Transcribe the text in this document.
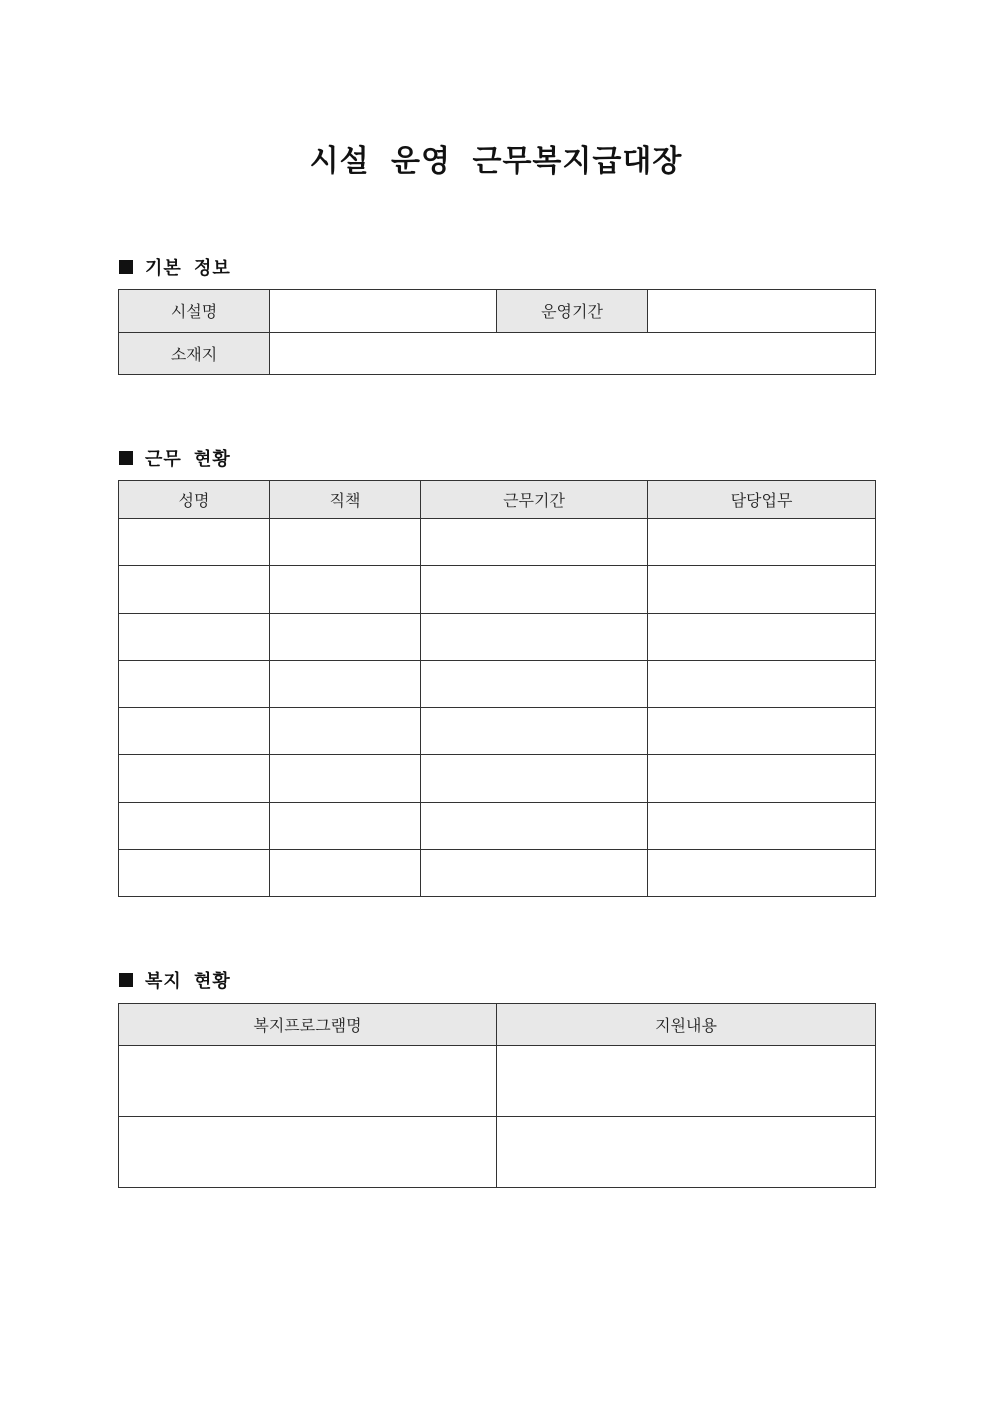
시설 운영 근무복지급대장
기본 정보
시설명		운영기간	
소재지			
근무 현황
성명	직책	근무기간	담당업무

복지 현황
복지프로그램명	지원내용
